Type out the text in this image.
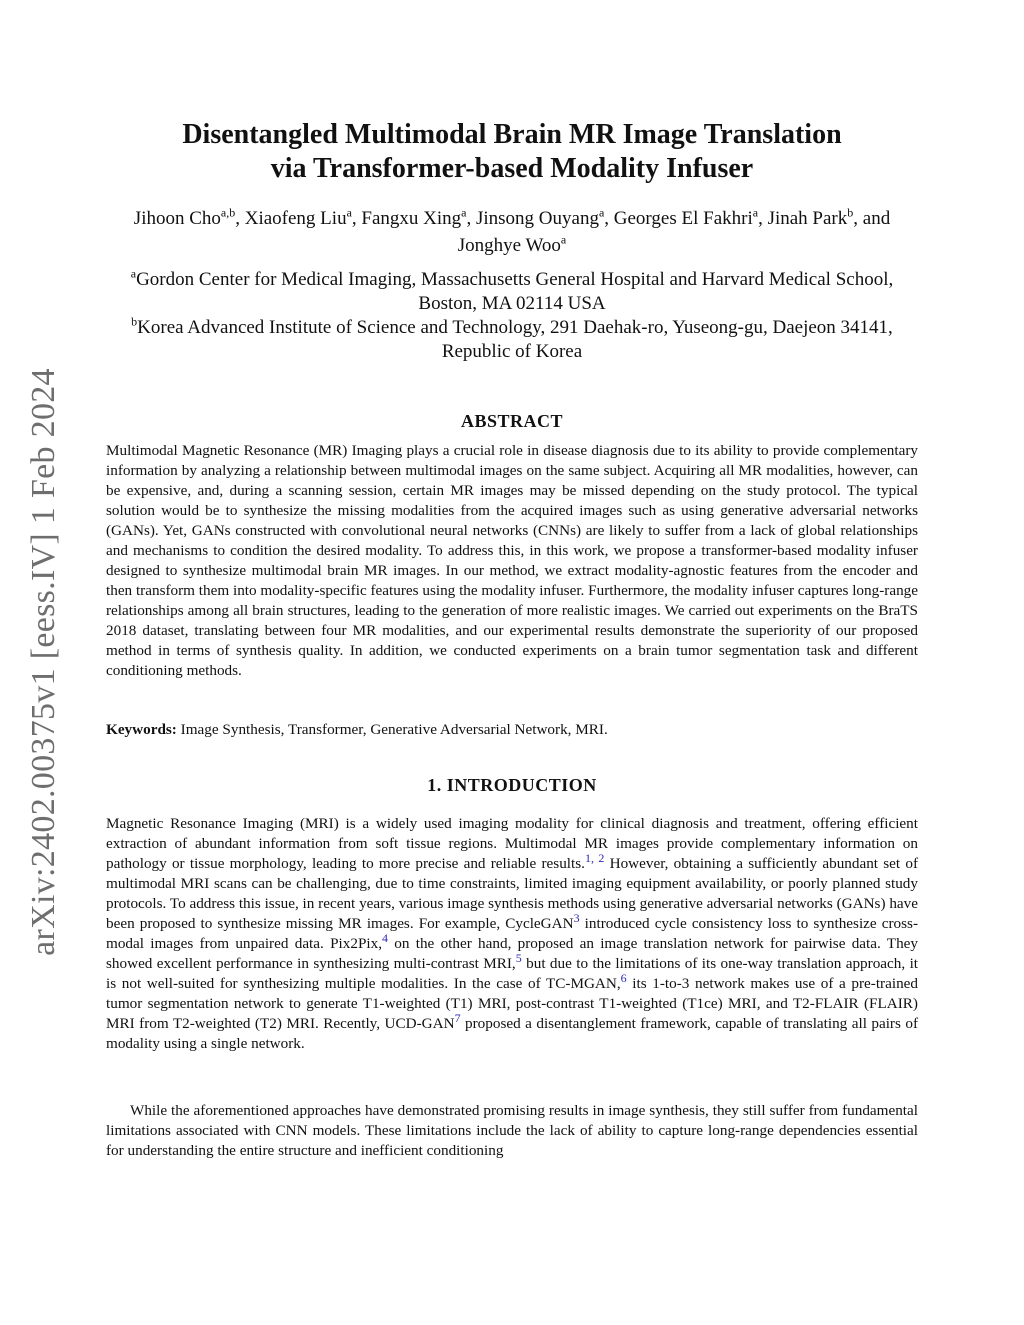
arXiv:2402.00375v1 [eess.IV] 1 Feb 2024
Disentangled Multimodal Brain MR Image Translation
via Transformer-based Modality Infuser
Jihoon Cho$^{a,b}$, Xiaofeng Liu$^a$, Fangxu Xing$^a$, Jinsong Ouyang$^a$, Georges El Fakhri$^a$, Jinah Park$^b$, and Jonghye Woo$^a$

$^a$Gordon Center for Medical Imaging, Massachusetts General Hospital and Harvard Medical School, Boston, MA 02114 USA

$^b$Korea Advanced Institute of Science and Technology, 291 Daehak-ro, Yuseong-gu, Daejeon 34141, Republic of Korea

ABSTRACT

Multimodal Magnetic Resonance (MR) Imaging plays a crucial role in disease diagnosis due to its ability to provide complementary information by analyzing a relationship between multimodal images on the same subject. Acquiring all MR modalities, however, can be expensive, and, during a scanning session, certain MR images may be missed depending on the study protocol. The typical solution would be to synthesize the missing modalities from the acquired images such as using generative adversarial networks (GANs). Yet, GANs constructed with convolutional neural networks (CNNs) are likely to suffer from a lack of global relationships and mechanisms to condition the desired modality. To address this, in this work, we propose a transformer-based modality infuser designed to synthesize multimodal brain MR images. In our method, we extract modality-agnostic features from the encoder and then transform them into modality-specific features using the modality infuser. Furthermore, the modality infuser captures long-range relationships among all brain structures, leading to the generation of more realistic images. We carried out experiments on the BraTS 2018 dataset, translating between four MR modalities, and our experimental results demonstrate the superiority of our proposed method in terms of synthesis quality. In addition, we conducted experiments on a brain tumor segmentation task and different conditioning methods.

Keywords: Image Synthesis, Transformer, Generative Adversarial Network, MRI.

1. INTRODUCTION

Magnetic Resonance Imaging (MRI) is a widely used imaging modality for clinical diagnosis and treatment, offering efficient extraction of abundant information from soft tissue regions. Multimodal MR images provide complementary information on pathology or tissue morphology, leading to more precise and reliable results.$^{1, 2}$ However, obtaining a sufficiently abundant set of multimodal MRI scans can be challenging, due to time constraints, limited imaging equipment availability, or poorly planned study protocols. To address this issue, in recent years, various image synthesis methods using generative adversarial networks (GANs) have been proposed to synthesize missing MR images. For example, CycleGAN$^3$ introduced cycle consistency loss to synthesize cross-modal images from unpaired data. Pix2Pix,$^4$ on the other hand, proposed an image translation network for pairwise data. They showed excellent performance in synthesizing multi-contrast MRI,$^5$ but due to the limitations of its one-way translation approach, it is not well-suited for synthesizing multiple modalities. In the case of TC-MGAN,$^6$ its 1-to-3 network makes use of a pre-trained tumor segmentation network to generate T1-weighted (T1) MRI, post-contrast T1-weighted (T1ce) MRI, and T2-FLAIR (FLAIR) MRI from T2-weighted (T2) MRI. Recently, UCD-GAN$^7$ proposed a disentanglement framework, capable of translating all pairs of modality using a single network.

While the aforementioned approaches have demonstrated promising results in image synthesis, they still suffer from fundamental limitations associated with CNN models. These limitations include the lack of ability to capture long-range dependencies essential for understanding the entire structure and inefficient conditioning
